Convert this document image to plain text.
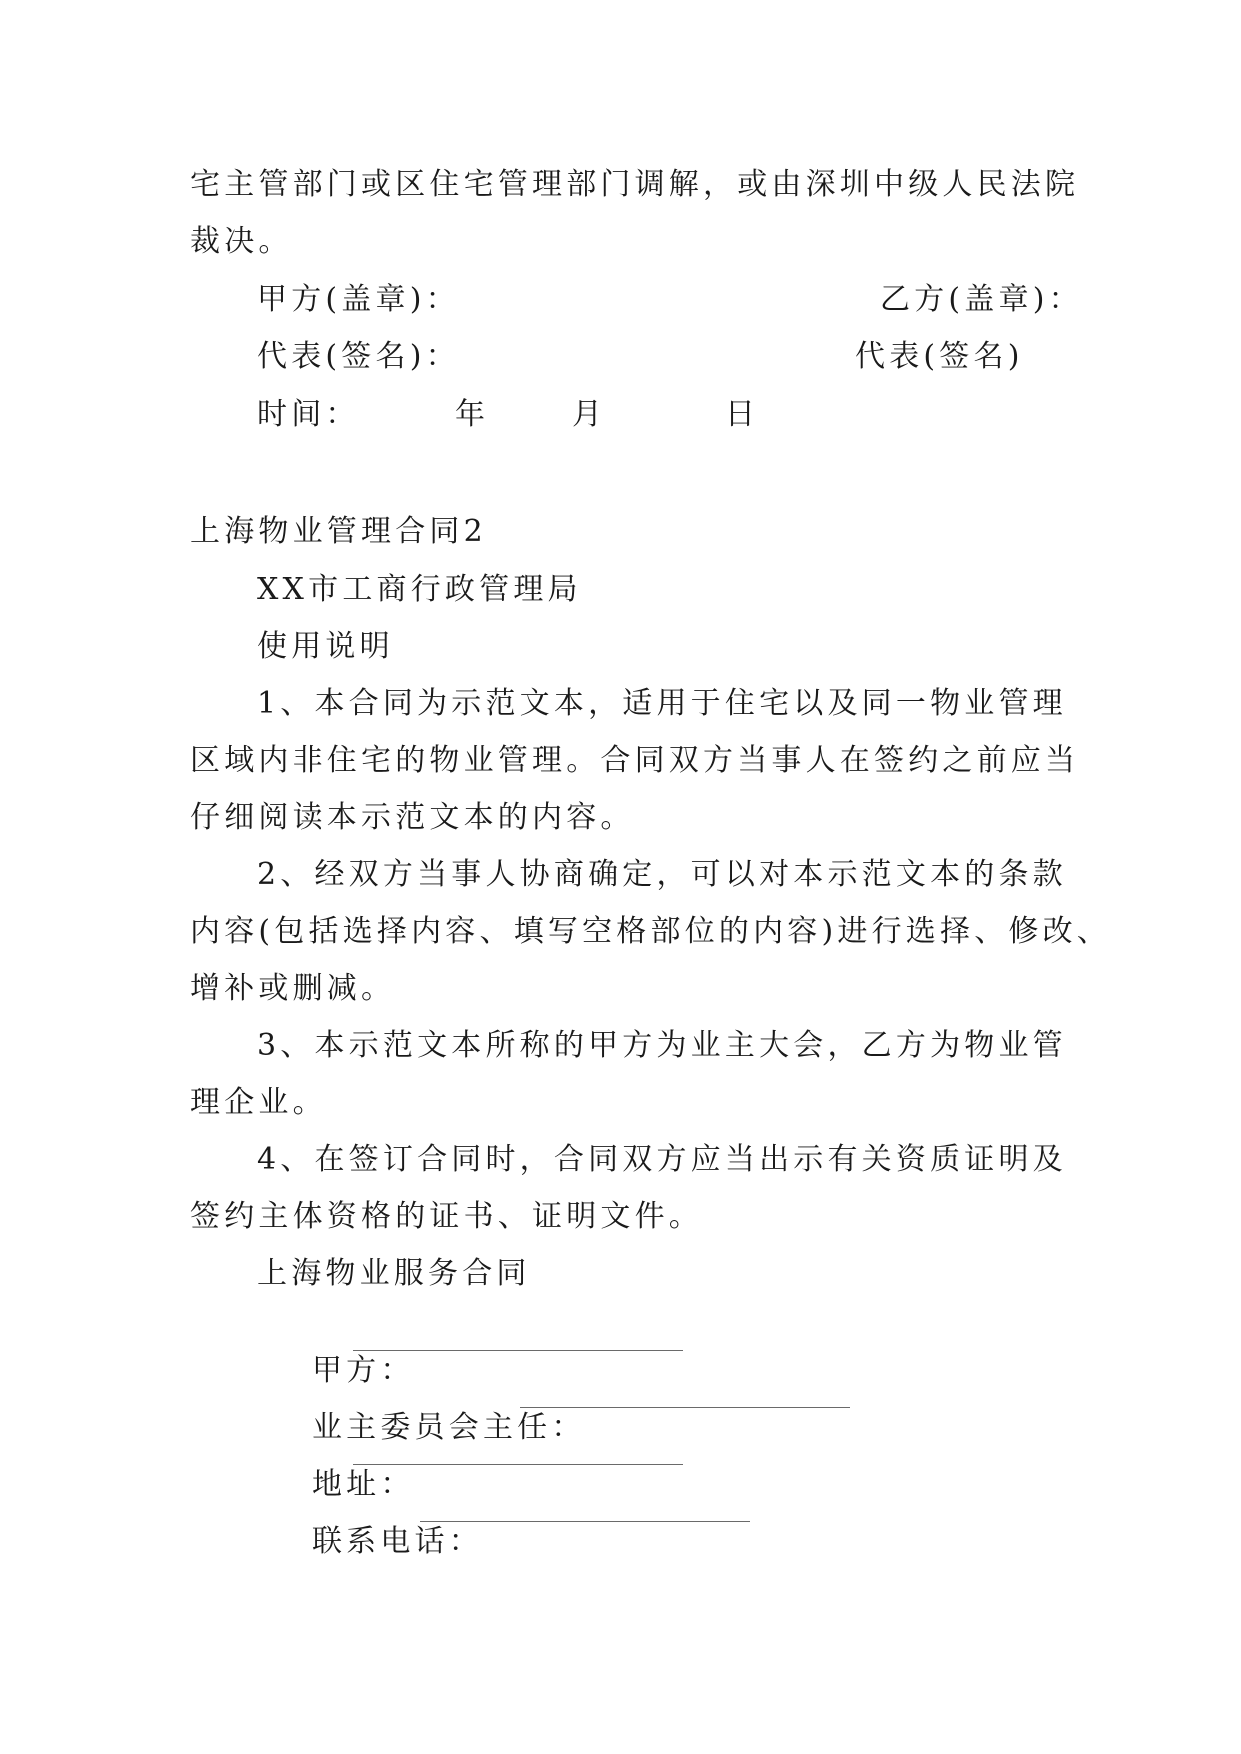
宅主管部门或区住宅管理部门调解，或由深圳中级人民法院
裁决。
甲方(盖章)：	乙方(盖章)：
代表(签名)：	代表(签名)
时间：	年	月	日
上海物业管理合同2
XX市工商行政管理局
使用说明
1、本合同为示范文本，适用于住宅以及同一物业管理
区域内非住宅的物业管理。合同双方当事人在签约之前应当
仔细阅读本示范文本的内容。
2、经双方当事人协商确定，可以对本示范文本的条款
内容(包括选择内容、填写空格部位的内容)进行选择、修改、
增补或删减。
3、本示范文本所称的甲方为业主大会，乙方为物业管
理企业。
4、在签订合同时，合同双方应当出示有关资质证明及
签约主体资格的证书、证明文件。
上海物业服务合同

甲方：

业主委员会主任：

地址：

联系电话：
